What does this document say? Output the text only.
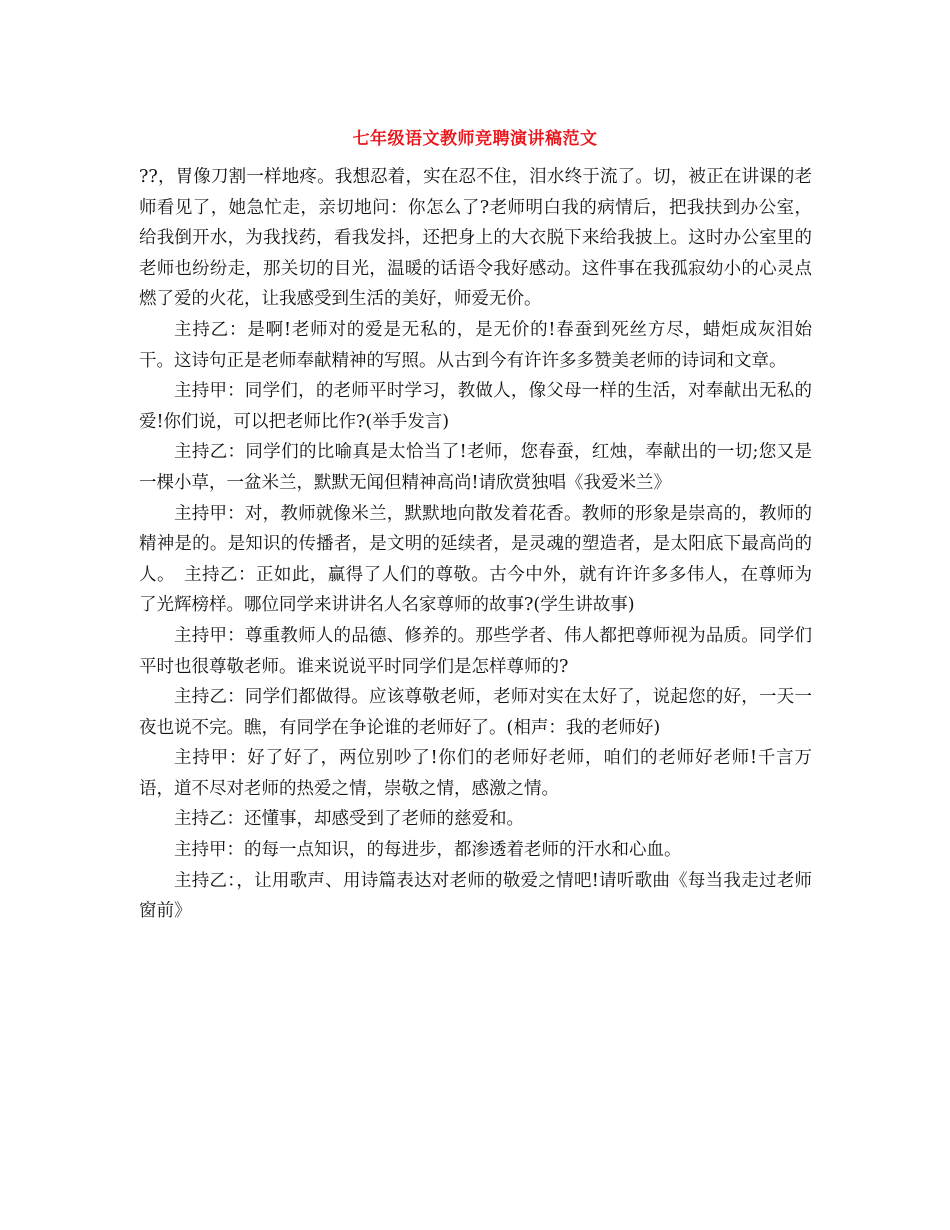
七年级语文教师竞聘演讲稿范文

??，胃像刀割一样地疼。我想忍着，实在忍不住，泪水终于流了。切，被正在讲课的老师看见了，她急忙走，亲切地问：你怎么了?老师明白我的病情后，把我扶到办公室，给我倒开水，为我找药，看我发抖，还把身上的大衣脱下来给我披上。这时办公室里的老师也纷纷走，那关切的目光，温暖的话语令我好感动。这件事在我孤寂幼小的心灵点燃了爱的火花，让我感受到生活的美好，师爱无价。

主持乙：是啊!老师对的爱是无私的，是无价的!春蚕到死丝方尽，蜡炬成灰泪始干。这诗句正是老师奉献精神的写照。从古到今有许许多多赞美老师的诗词和文章。

主持甲：同学们，的老师平时学习，教做人，像父母一样的生活，对奉献出无私的爱!你们说，可以把老师比作?(举手发言)

主持乙：同学们的比喻真是太恰当了!老师，您春蚕，红烛，奉献出的一切;您又是一棵小草，一盆米兰，默默无闻但精神高尚!请欣赏独唱《我爱米兰》

主持甲：对，教师就像米兰，默默地向散发着花香。教师的形象是崇高的，教师的精神是的。是知识的传播者，是文明的延续者，是灵魂的塑造者，是太阳底下最高尚的人。　主持乙：正如此，赢得了人们的尊敬。古今中外，就有许许多多伟人，在尊师为了光辉榜样。哪位同学来讲讲名人名家尊师的故事?(学生讲故事)

主持甲：尊重教师人的品德、修养的。那些学者、伟人都把尊师视为品质。同学们平时也很尊敬老师。谁来说说平时同学们是怎样尊师的?

主持乙：同学们都做得。应该尊敬老师，老师对实在太好了，说起您的好，一天一夜也说不完。瞧，有同学在争论谁的老师好了。(相声：我的老师好)

主持甲：好了好了，两位别吵了!你们的老师好老师，咱们的老师好老师!千言万语，道不尽对老师的热爱之情，崇敬之情，感激之情。

主持乙：还懂事，却感受到了老师的慈爱和。

主持甲：的每一点知识，的每进步，都渗透着老师的汗水和心血。

主持乙：，让用歌声、用诗篇表达对老师的敬爱之情吧!请听歌曲《每当我走过老师窗前》
